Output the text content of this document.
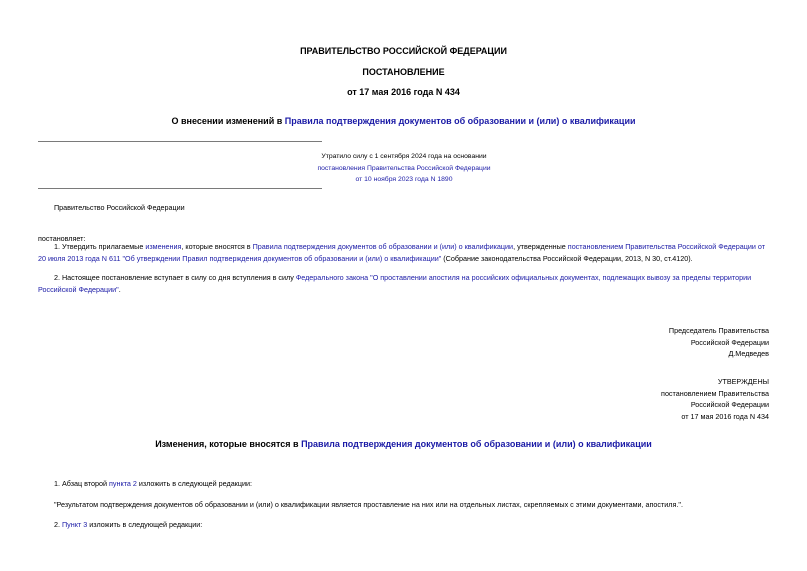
ПРАВИТЕЛЬСТВО РОССИЙСКОЙ ФЕДЕРАЦИИ
ПОСТАНОВЛЕНИЕ
от 17 мая 2016 года N 434
О внесении изменений в Правила подтверждения документов об образовании и (или) о квалификации
Утратило силу с 1 сентября 2024 года на основании
постановления Правительства Российской Федерации
от 10 ноября 2023 года N 1890
Правительство Российской Федерации
постановляет:
1. Утвердить прилагаемые изменения, которые вносятся в Правила подтверждения документов об образовании и (или) о квалификации, утвержденные постановлением Правительства Российской Федерации от 20 июля 2013 года N 611 "Об утверждении Правил подтверждения документов об образовании и (или) о квалификации" (Собрание законодательства Российской Федерации, 2013, N 30, ст.4120).
2. Настоящее постановление вступает в силу со дня вступления в силу Федерального закона "О проставлении апостиля на российских официальных документах, подлежащих вывозу за пределы территории Российской Федерации".
Председатель Правительства
Российской Федерации
Д.Медведев
УТВЕРЖДЕНЫ
постановлением Правительства
Российской Федерации
от 17 мая 2016 года N 434
Изменения, которые вносятся в Правила подтверждения документов об образовании и (или) о квалификации
1. Абзац второй пункта 2 изложить в следующей редакции:
"Результатом подтверждения документов об образовании и (или) о квалификации является проставление на них или на отдельных листах, скрепляемых с этими документами, апостиля.".
2. Пункт 3 изложить в следующей редакции:
